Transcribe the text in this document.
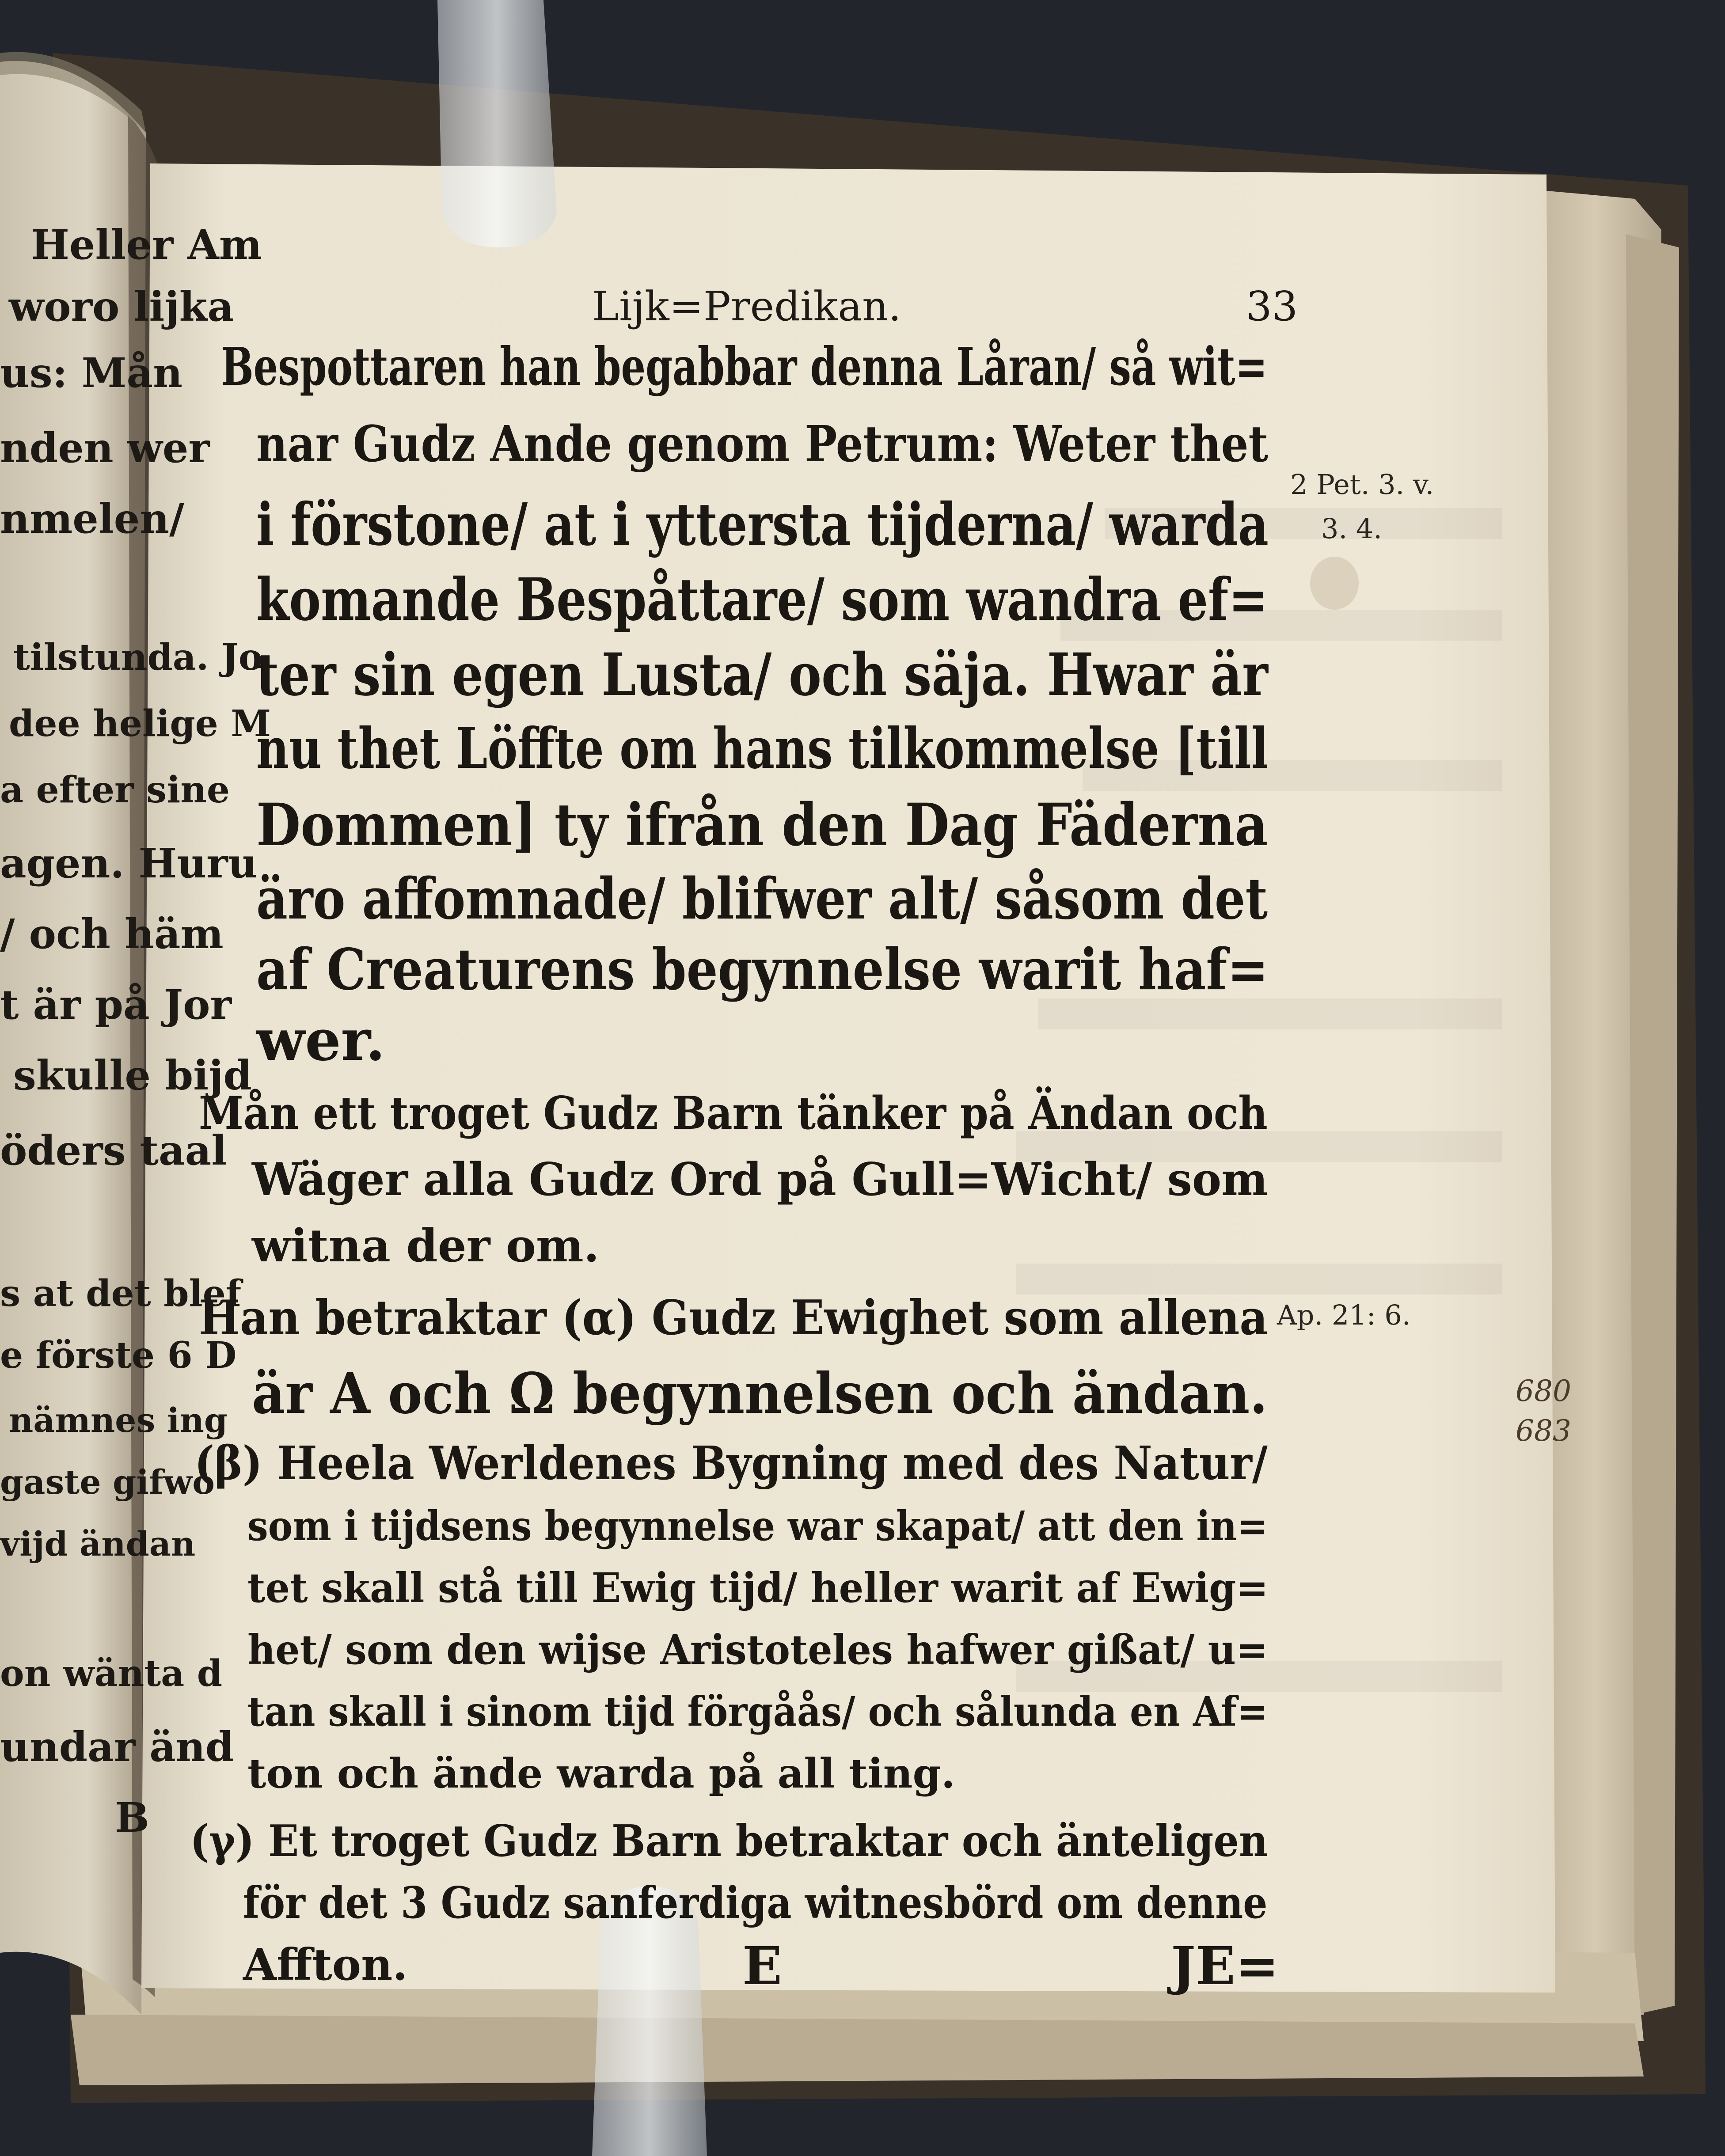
Heller Am
woro lijka
us: Mån
nden wer
nmelen/
tilstunda. Jo
dee helige M
a efter sine
agen. Huru
/ och häm
t är på Jor
skulle bijd
öders taal
s at det blef
e förste 6 D
nämnes ing
gaste gifwo
vijd ändan
on wänta d
undar änd
B
Lijk=Predikan.	33
Bespottaren han begabbar denna Låran/ så wit=
nar Gudz Ande genom Petrum: Weter thet
i förstone/ at i ytterstа tijderna/ warda
komande Bespåttare/ som wandra ef=
ter sin egen Lusta/ och säja. Hwar är
nu thet Löffte om hans tilkommelse [till
Dommen] ty ifrån den Dag Fäderna
äro affomnade/ blifwer alt/ såsom det
af Creaturens begynnelse warit haf=
wer.
Mån ett troget Gudz Barn tänker på Ändan och
Wäger alla Gudz Ord på Gull=Wicht/ som
witna der om.
Han betraktar (α) Gudz Ewighet som allena
är A och Ω begynnelsen och ändan.
(β) Heela Werldenes Bygning med des Natur/
som i tijdsens begynnelse war skapat/ att den in=
tet skall stå till Ewig tijd/ heller warit af Ewig=
het/ som den wijse Aristoteles hafwer gißat/ u=
tan skall i sinom tijd förgåås/ och sålunda en Af=
ton och ände warda på all ting.
(γ) Et troget Gudz Barn betraktar och änteligen
för det 3 Gudz sanferdiga witnesbörd om denne
Affton.	E	JE=
2 Pet. 3. v.
3. 4.
Ap. 21: 6.
680
683
